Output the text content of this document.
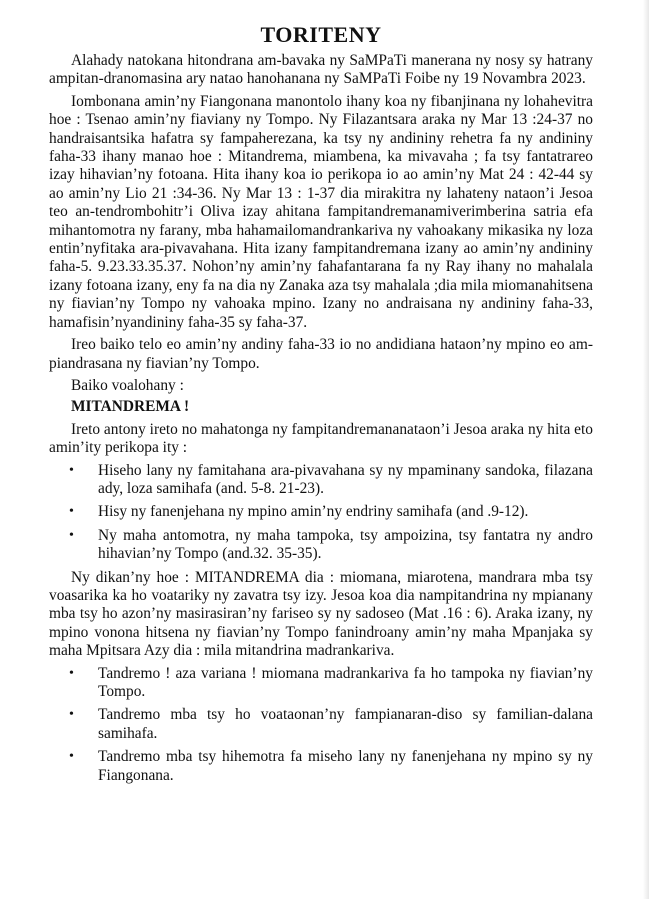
TORITENY

Alahady natokana hitondrana am-bavaka ny SaMPaTi manerana ny nosy sy hatrany ampitan-dranomasina ary natao hanohanana ny SaMPaTi Foibe ny 19 Novambra 2023.

Iombonana amin’ny Fiangonana manontolo ihany koa ny fibanjinana ny lohahevitra hoe : Tsenao amin’ny fiaviany ny Tompo. Ny Filazantsara araka ny Mar 13 :24-37 no handraisantsika hafatra sy fampaherezana, ka tsy ny andininy rehetra fa ny andininy faha-33 ihany manao hoe : Mitandrema, miambena, ka mivavaha ; fa tsy fantatrareo izay hihavian’ny fotoana. Hita ihany koa io perikopa io ao amin’ny Mat 24 : 42-44 sy ao amin’ny Lio 21 :34-36. Ny Mar 13 : 1-37 dia mirakitra ny lahateny nataon’i Jesoa teo an-tendrombohitr’i Oliva izay ahitana fampitandremanamiverimberina satria efa mihantomotra ny farany, mba hahamailomandrankariva ny vahoakany mikasika ny loza entin’nyfitaka ara-pivavahana. Hita izany fampitandremana izany ao amin’ny andininy faha-5. 9.23.33.35.37. Nohon’ny amin’ny fahafantarana fa ny Ray ihany no mahalala izany fotoana izany, eny fa na dia ny Zanaka aza tsy mahalala ;dia mila miomanahitsena ny fiavian’ny Tompo ny vahoaka mpino. Izany no andraisana ny andininy faha-33, hamafisin’nyandininy faha-35 sy faha-37.

Ireo baiko telo eo amin’ny andiny faha-33 io no andidiana hataon’ny mpino eo am-piandrasana ny fiavian’ny Tompo.

Baiko voalohany :

MITANDREMA !

Ireto antony ireto no mahatonga ny fampitandremananataon’i Jesoa araka ny hita eto amin’ity perikopa ity :

• Hiseho lany ny famitahana ara-pivavahana sy ny mpaminany sandoka, filazana ady, loza samihafa (and. 5-8. 21-23).
• Hisy ny fanenjehana ny mpino amin’ny endriny samihafa (and .9-12).
• Ny maha antomotra, ny maha tampoka, tsy ampoizina, tsy fantatra ny andro hihavian’ny Tompo (and.32. 35-35).

Ny dikan’ny hoe : MITANDREMA dia : miomana, miarotena, mandrara mba tsy voasarika ka ho voatariky ny zavatra tsy izy. Jesoa koa dia nampitandrina ny mpianany mba tsy ho azon’ny masirasiran’ny fariseo sy ny sadoseo (Mat .16 : 6). Araka izany, ny mpino vonona hitsena ny fiavian’ny Tompo fanindroany amin’ny maha Mpanjaka sy maha Mpitsara Azy dia : mila mitandrina madrankariva.

• Tandremo ! aza variana ! miomana madrankariva fa ho tampoka ny fiavian’ny Tompo.
• Tandremo mba tsy ho voataonan’ny fampianaran-diso sy familian-dalana samihafa.
• Tandremo mba tsy hihemotra fa miseho lany ny fanenjehana ny mpino sy ny Fiangonana.
